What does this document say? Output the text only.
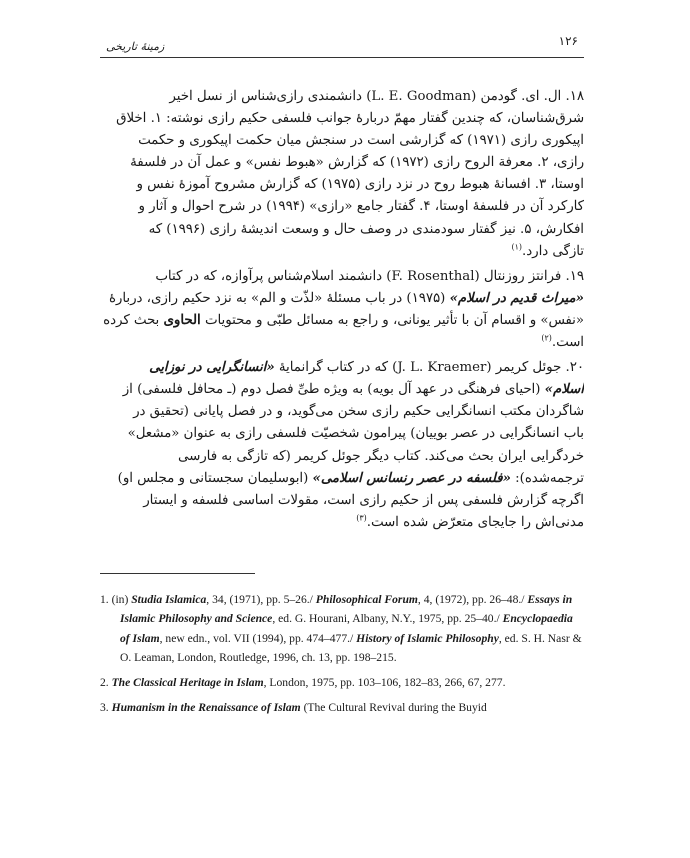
۱۲۶
زمینهٔ تاریخی
۱۸. ال. ای. گودمن (L. E. Goodman) دانشمندی رازی‌شناس از نسل اخیر
شرق‌شناسان، که چندین گفتار مهمّ دربارهٔ جوانب فلسفی حکیم رازی نوشته: ۱. اخلاق
اپیکوری رازی (۱۹۷۱) که گزارشی است در سنجش میان حکمت اپیکوری و حکمت
رازی، ۲. معرفة الروح رازی (۱۹۷۲) که گزارش «هبوط نفس» و عمل آن در فلسفهٔ
اوستا، ۳. افسانهٔ هبوط روح در نزد رازی (۱۹۷۵) که گزارش مشروح آموزهٔ نفس و
کارکرد آن در فلسفهٔ اوستا، ۴. گفتار جامع «رازی» (۱۹۹۴) در شرح احوال و آثار و
افکارش، ۵. نیز گفتار سودمندی در وصف حال و وسعت اندیشهٔ رازی (۱۹۹۶) که
تازگی دارد.$^{(۱)}$
۱۹. فرانتز روزنتال (F. Rosenthal) دانشمند اسلام‌شناس پرآوازه، که در کتاب
«میراث قدیم در اسلام» (۱۹۷۵) در باب مسئلهٔ «لذّت و الم» به نزد حکیم رازی، دربارهٔ
«نفس» و اقسام آن با تأثیر یونانی، و راجع به مسائل طبّی و محتویات الحاوی بحث کرده
است.$^{(۲)}$
۲۰. جوئل کریمر (J. L. Kraemer) که در کتاب گرانمایهٔ «انسانگرایی در نوزایی
اسلام» (احیای فرهنگی در عهد آل بویه) به ویژه طیِّ فصل دوم (ـ محافل فلسفی) از
شاگردان مکتب انسانگرایی حکیم رازی سخن می‌گوید، و در فصل پایانی (تحقیق در
باب انسانگرایی در عصر بوییان) پیرامون شخصیّت فلسفی رازی به عنوان «مشعل»
خردگرایی ایران بحث می‌کند. کتاب دیگر جوئل کریمر (که تازگی به فارسی
ترجمه‌شده): «فلسفه در عصر رنسانس اسلامی» (ابوسلیمان سجستانی و مجلس او)
اگرچه گزارش فلسفی پس از حکیم رازی است، مقولات اساسی فلسفه و ایستار
مدنی‌اش را جایجای متعرّض شده است.$^{(۳)}$

1. (in) Studia Islamica, 34, (1971), pp. 5–26./ Philosophical Forum, 4, (1972), pp. 26–48./ Essays in Islamic Philosophy and Science, ed. G. Hourani, Albany, N.Y., 1975, pp. 25–40./ Encyclopaedia of Islam, new edn., vol. VII (1994), pp. 474–477./ History of Islamic Philosophy, ed. S. H. Nasr & O. Leaman, London, Routledge, 1996, ch. 13, pp. 198–215.

2. The Classical Heritage in Islam, London, 1975, pp. 103–106, 182–83, 266, 67, 277.

3. Humanism in the Renaissance of Islam (The Cultural Revival during the Buyid
